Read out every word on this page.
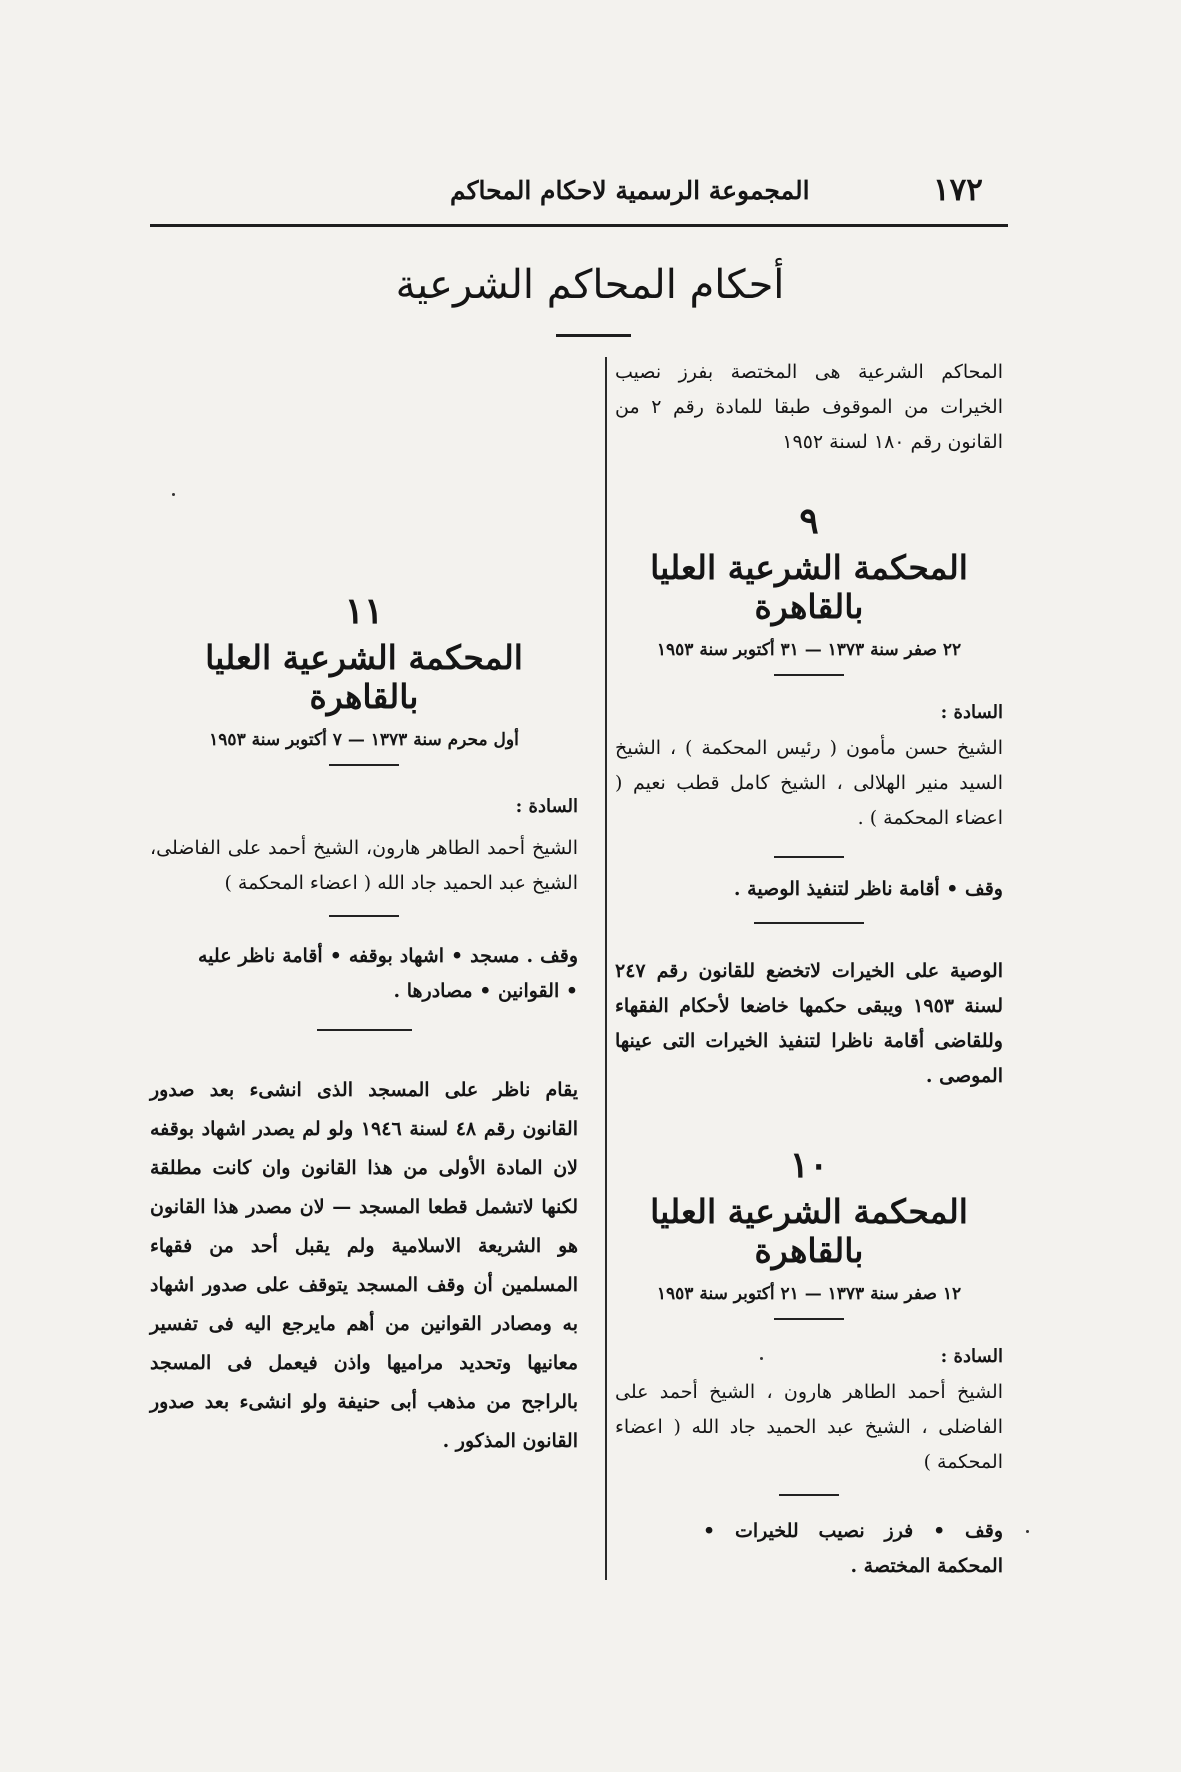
١٧٢
المجموعة الرسمية لاحكام المحاكم
أحكام المحاكم الشرعية

المحاكم الشرعية هى المختصة بفرز نصيب الخيرات من الموقوف طبقا للمادة رقم ٢ من القانون رقم ١٨٠ لسنة ١٩٥٢

٩

المحكمة الشرعية العليا بالقاهرة

٢٢ صفر سنة ١٣٧٣ — ٣١ أكتوبر سنة ١٩٥٣

السادة :

الشيخ حسن مأمون ( رئيس المحكمة ) ، الشيخ السيد منير الهلالى ، الشيخ كامل قطب نعيم ( اعضاء المحكمة ) .

وقف • أقامة ناظر لتنفيذ الوصية .

الوصية على الخيرات لاتخضع للقانون رقم ٢٤٧ لسنة ١٩٥٣ ويبقى حكمها خاضعا لأحكام الفقهاء وللقاضى أقامة ناظرا لتنفيذ الخيرات التى عينها الموصى .

١٠

المحكمة الشرعية العليا بالقاهرة

١٢ صفر سنة ١٣٧٣ — ٢١ أكتوبر سنة ١٩٥٣

السادة :

الشيخ أحمد الطاهر هارون ، الشيخ أحمد على الفاضلى ، الشيخ عبد الحميد جاد الله ( اعضاء المحكمة )

وقف • فرز نصيب للخيرات • المحكمة المختصة .

١١

المحكمة الشرعية العليا بالقاهرة

أول محرم سنة ١٣٧٣ — ٧ أكتوبر سنة ١٩٥٣

السادة :

الشيخ أحمد الطاهر هارون، الشيخ أحمد على الفاضلى، الشيخ عبد الحميد جاد الله ( اعضاء المحكمة )

وقف . مسجد • اشهاد بوقفه • أقامة ناظر عليه • القوانين • مصادرها .

يقام ناظر على المسجد الذى انشىء بعد صدور القانون رقم ٤٨ لسنة ١٩٤٦ ولو لم يصدر اشهاد بوقفه لان المادة الأولى من هذا القانون وان كانت مطلقة لكنها لاتشمل قطعا المسجد — لان مصدر هذا القانون هو الشريعة الاسلامية ولم يقبل أحد من فقهاء المسلمين أن وقف المسجد يتوقف على صدور اشهاد به ومصادر القوانين من أهم مايرجع اليه فى تفسير معانيها وتحديد مراميها واذن فيعمل فى المسجد بالراجح من مذهب أبى حنيفة ولو انشىء بعد صدور القانون المذكور .
